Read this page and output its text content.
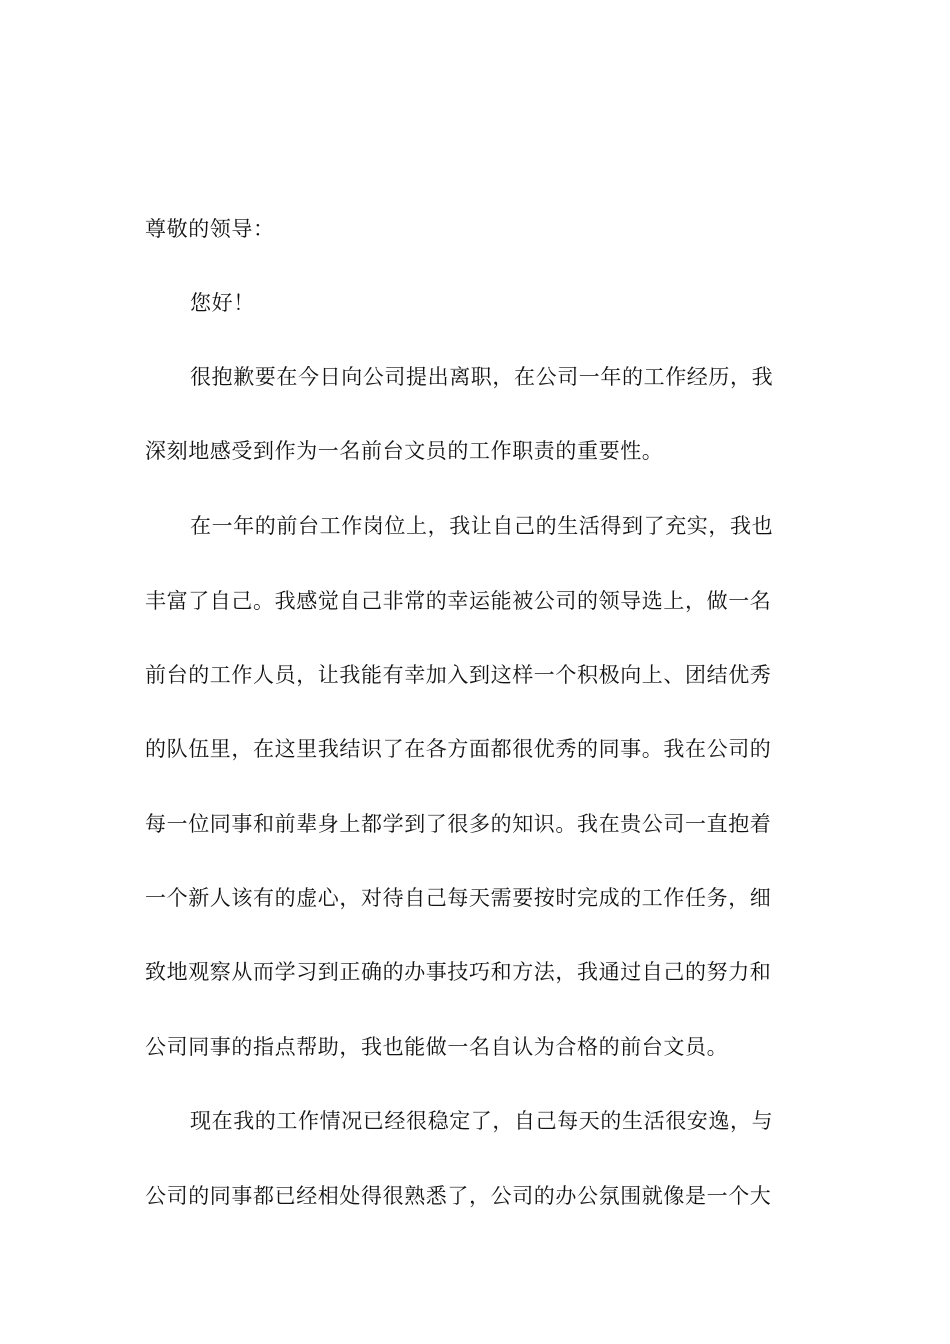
尊敬的领导：
您好！
很抱歉要在今日向公司提出离职，在公司一年的工作经历，我
深刻地感受到作为一名前台文员的工作职责的重要性。
在一年的前台工作岗位上，我让自己的生活得到了充实，我也
丰富了自己。我感觉自己非常的幸运能被公司的领导选上，做一名
前台的工作人员，让我能有幸加入到这样一个积极向上、团结优秀
的队伍里，在这里我结识了在各方面都很优秀的同事。我在公司的
每一位同事和前辈身上都学到了很多的知识。我在贵公司一直抱着
一个新人该有的虚心，对待自己每天需要按时完成的工作任务，细
致地观察从而学习到正确的办事技巧和方法，我通过自己的努力和
公司同事的指点帮助，我也能做一名自认为合格的前台文员。
现在我的工作情况已经很稳定了，自己每天的生活很安逸，与
公司的同事都已经相处得很熟悉了，公司的办公氛围就像是一个大
